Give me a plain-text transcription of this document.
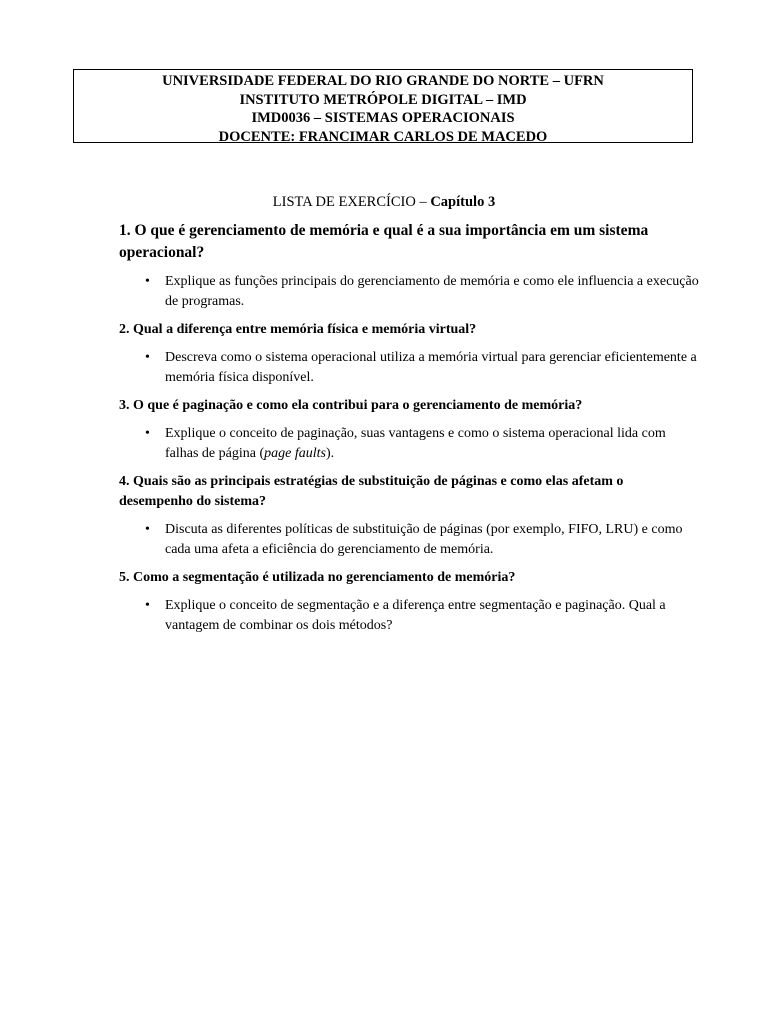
UNIVERSIDADE FEDERAL DO RIO GRANDE DO NORTE – UFRN
INSTITUTO METRÓPOLE DIGITAL – IMD
IMD0036 – SISTEMAS OPERACIONAIS
DOCENTE: FRANCIMAR CARLOS DE MACEDO
LISTA DE EXERCÍCIO – Capítulo 3

1. O que é gerenciamento de memória e qual é a sua importância em um sistema operacional?

• Explique as funções principais do gerenciamento de memória e como ele influencia a execução de programas.

2. Qual a diferença entre memória física e memória virtual?

• Descreva como o sistema operacional utiliza a memória virtual para gerenciar eficientemente a memória física disponível.

3. O que é paginação e como ela contribui para o gerenciamento de memória?

• Explique o conceito de paginação, suas vantagens e como o sistema operacional lida com falhas de página (page faults).

4. Quais são as principais estratégias de substituição de páginas e como elas afetam o desempenho do sistema?

• Discuta as diferentes políticas de substituição de páginas (por exemplo, FIFO, LRU) e como cada uma afeta a eficiência do gerenciamento de memória.

5. Como a segmentação é utilizada no gerenciamento de memória?

• Explique o conceito de segmentação e a diferença entre segmentação e paginação. Qual a vantagem de combinar os dois métodos?
